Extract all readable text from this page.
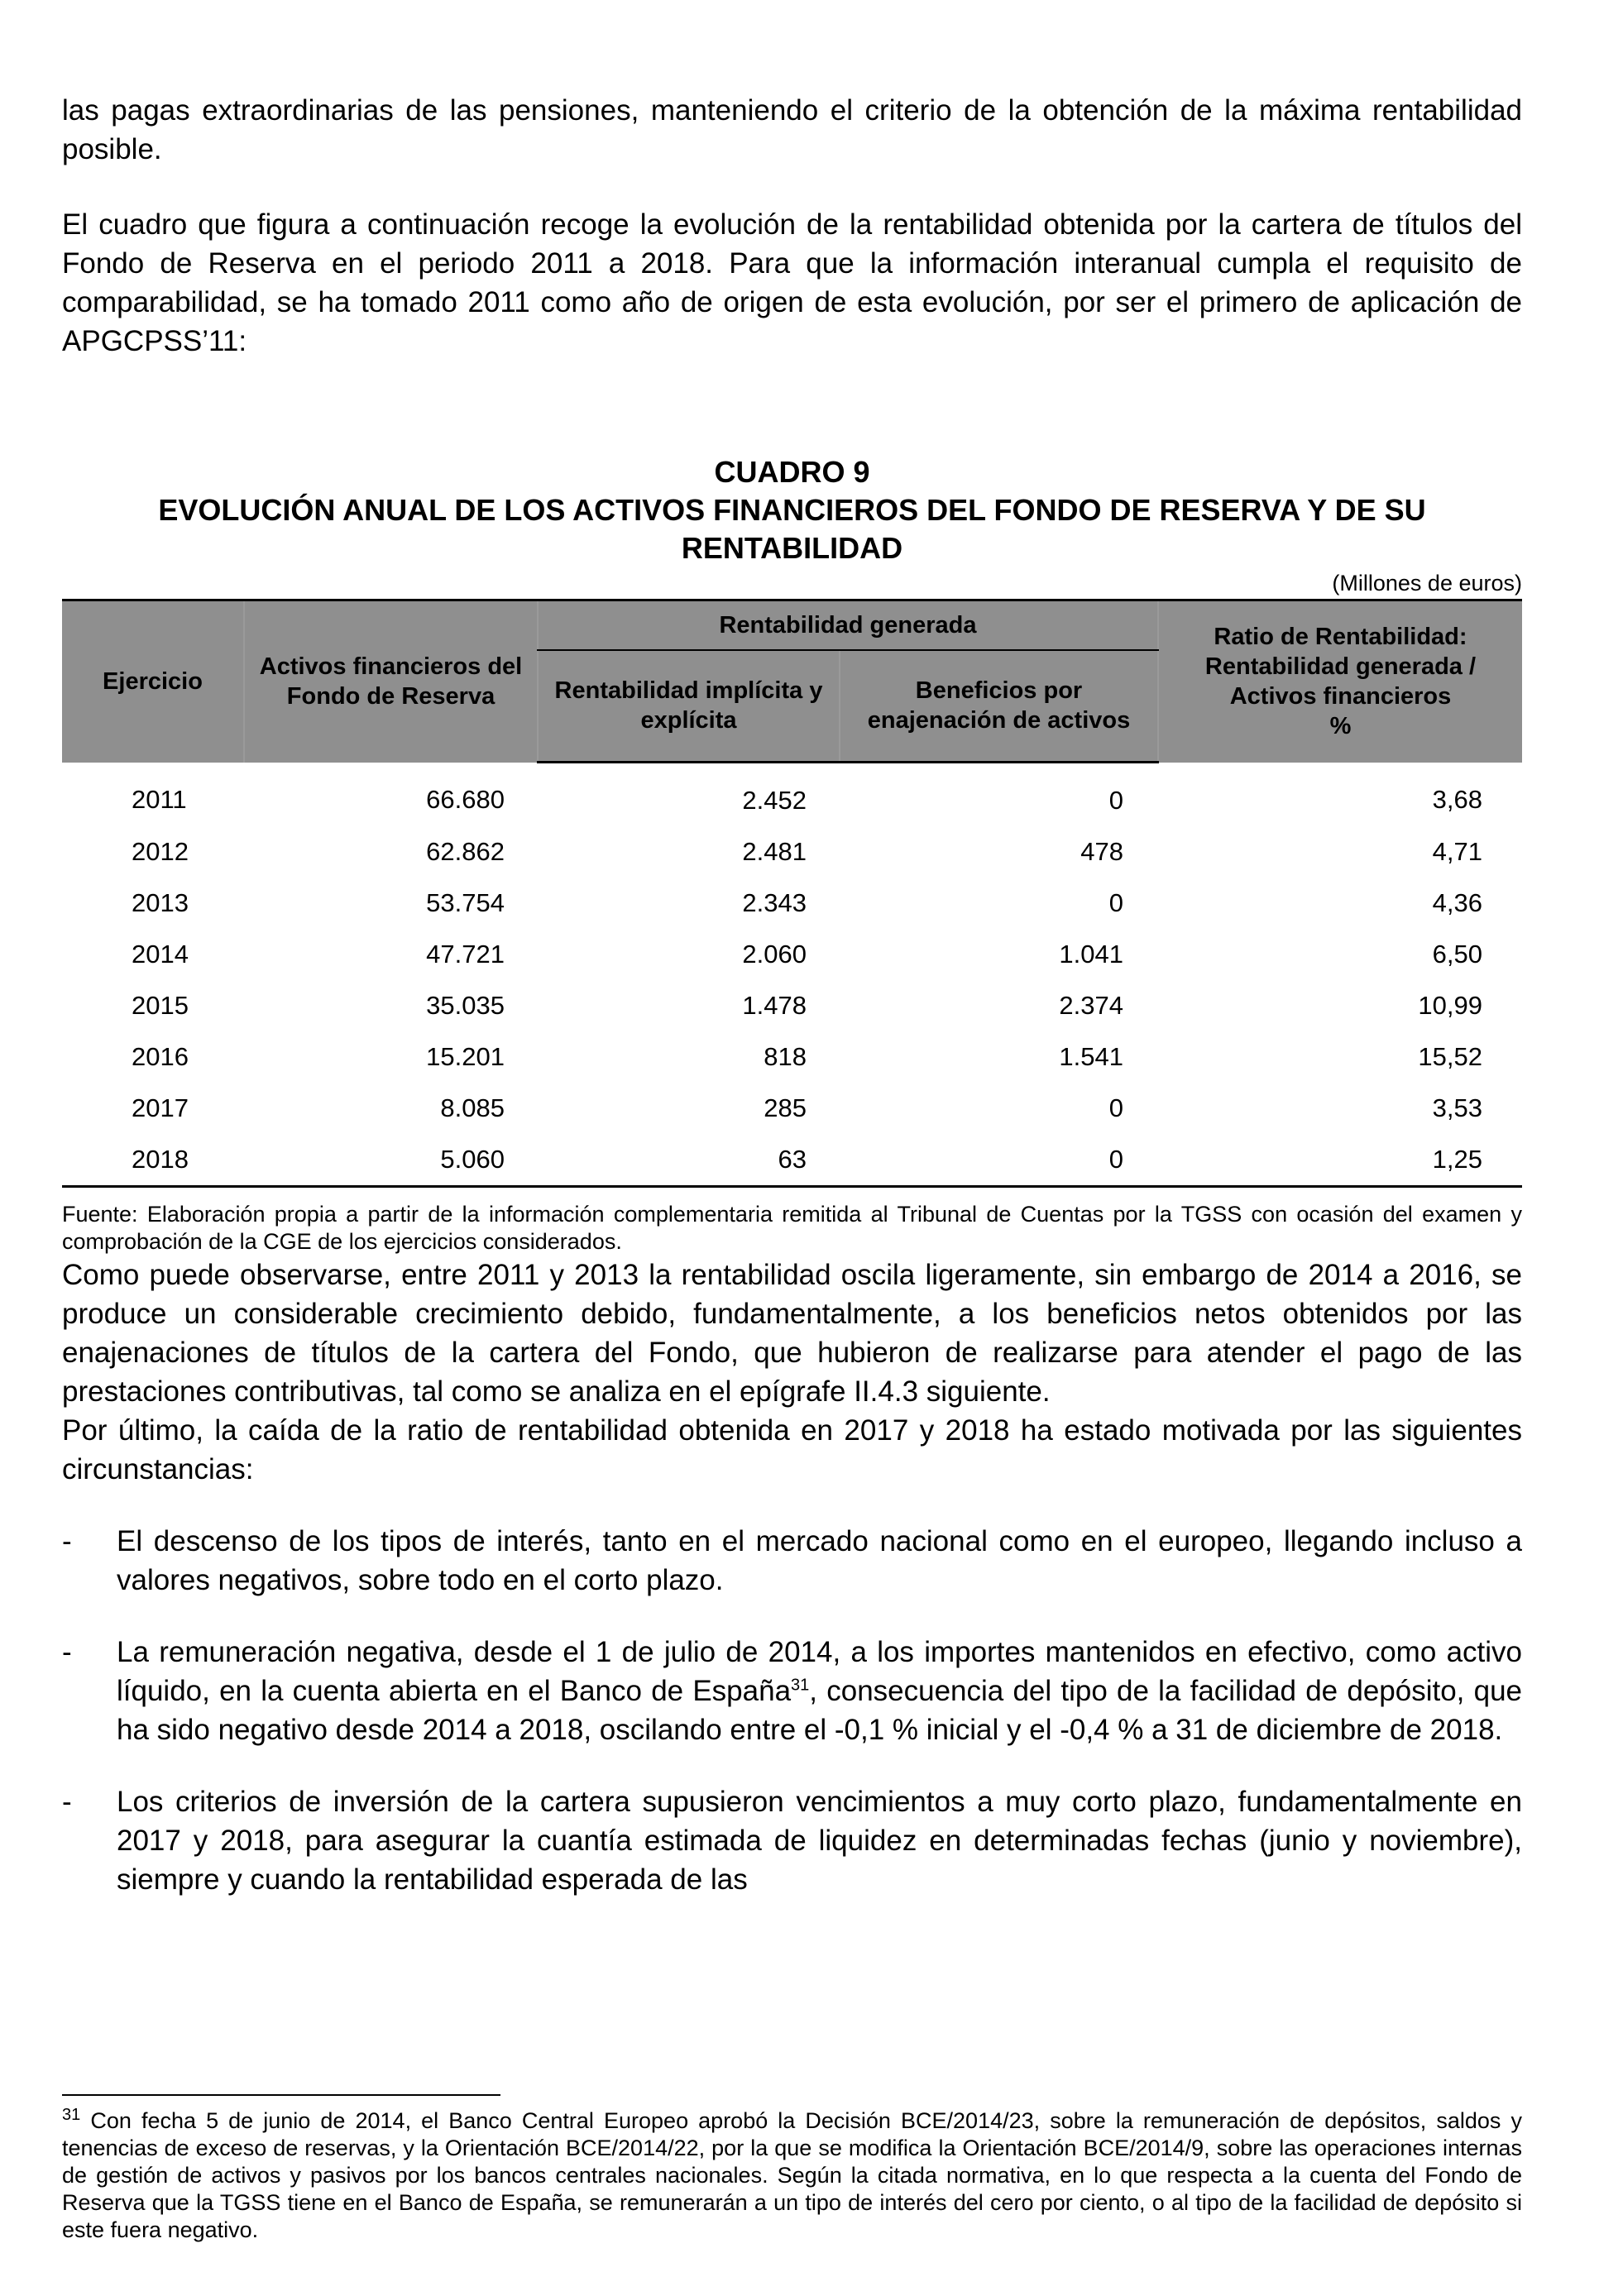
las pagas extraordinarias de las pensiones, manteniendo el criterio de la obtención de la máxima rentabilidad posible.

El cuadro que figura a continuación recoge la evolución de la rentabilidad obtenida por la cartera de títulos del Fondo de Reserva en el periodo 2011 a 2018. Para que la información interanual cumpla el requisito de comparabilidad, se ha tomado 2011 como año de origen de esta evolución, por ser el primero de aplicación de APGCPSS’11:

CUADRO 9
EVOLUCIÓN ANUAL DE LOS ACTIVOS FINANCIEROS DEL FONDO DE RESERVA Y DE SU
RENTABILIDAD
(Millones de euros)
Ejercicio	Activos financieros del Fondo de Reserva	Rentabilidad generada		Ratio de Rentabilidad:
Rentabilidad generada /
Activos financieros
%

		Rentabilidad implícita y explícita	Beneficios por enajenación de activos	
2011	66.680	2.452	0	3,68
2012	62.862	2.481	478	4,71
2013	53.754	2.343	0	4,36
2014	47.721	2.060	1.041	6,50
2015	35.035	1.478	2.374	10,99
2016	15.201	818	1.541	15,52
2017	8.085	285	0	3,53
2018	5.060	63	0	1,25
Fuente: Elaboración propia a partir de la información complementaria remitida al Tribunal de Cuentas por la TGSS con ocasión del examen y comprobación de la CGE de los ejercicios considerados.

Como puede observarse, entre 2011 y 2013 la rentabilidad oscila ligeramente, sin embargo de 2014 a 2016, se produce un considerable crecimiento debido, fundamentalmente, a los beneficios netos obtenidos por las enajenaciones de títulos de la cartera del Fondo, que hubieron de realizarse para atender el pago de las prestaciones contributivas, tal como se analiza en el epígrafe II.4.3 siguiente.

Por último, la caída de la ratio de rentabilidad obtenida en 2017 y 2018 ha estado motivada por las siguientes circunstancias:

-	El descenso de los tipos de interés, tanto en el mercado nacional como en el europeo, llegando incluso a valores negativos, sobre todo en el corto plazo.

-	La remuneración negativa, desde el 1 de julio de 2014, a los importes mantenidos en efectivo, como activo líquido, en la cuenta abierta en el Banco de España$^{31}$, consecuencia del tipo de la facilidad de depósito, que ha sido negativo desde 2014 a 2018, oscilando entre el -0,1 % inicial y el -0,4 % a 31 de diciembre de 2018.

-	Los criterios de inversión de la cartera supusieron vencimientos a muy corto plazo, fundamentalmente en 2017 y 2018, para asegurar la cuantía estimada de liquidez en determinadas fechas (junio y noviembre), siempre y cuando la rentabilidad esperada de las

$^{31}$ Con fecha 5 de junio de 2014, el Banco Central Europeo aprobó la Decisión BCE/2014/23, sobre la remuneración de depósitos, saldos y tenencias de exceso de reservas, y la Orientación BCE/2014/22, por la que se modifica la Orientación BCE/2014/9, sobre las operaciones internas de gestión de activos y pasivos por los bancos centrales nacionales. Según la citada normativa, en lo que respecta a la cuenta del Fondo de Reserva que la TGSS tiene en el Banco de España, se remunerarán a un tipo de interés del cero por ciento, o al tipo de la facilidad de depósito si este fuera negativo.
